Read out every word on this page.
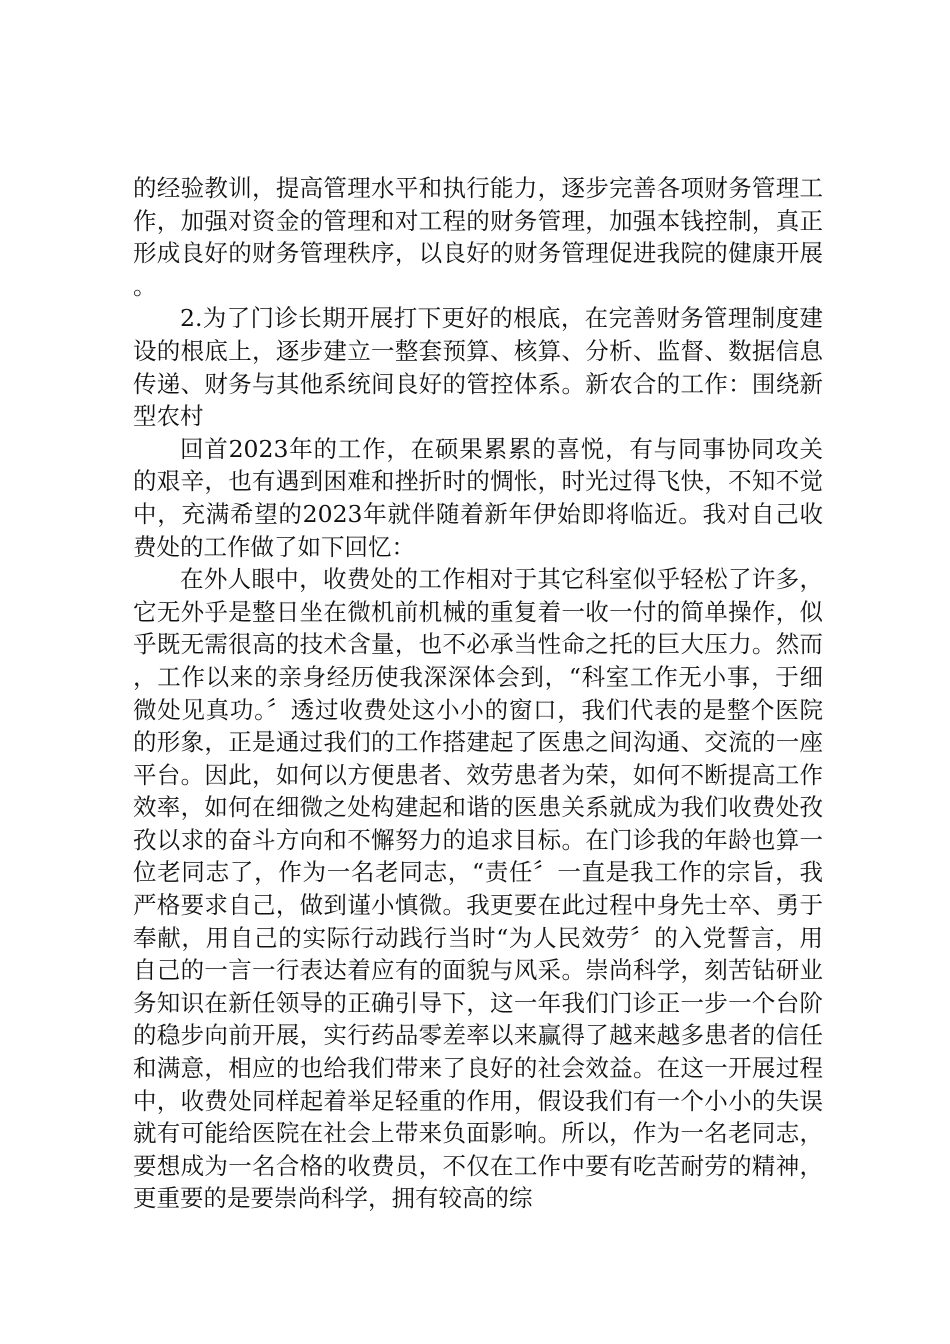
的经验教训，提高管理水平和执行能力，逐步完善各项财务管理工作，加强对资金的管理和对工程的财务管理，加强本钱控制，真正形成良好的财务管理秩序，以良好的财务管理促进我院的健康开展。

2.为了门诊长期开展打下更好的根底，在完善财务管理制度建设的根底上，逐步建立一整套预算、核算、分析、监督、数据信息传递、财务与其他系统间良好的管控体系。新农合的工作：围绕新型农村

回首2023年的工作，在硕果累累的喜悦，有与同事协同攻关的艰辛，也有遇到困难和挫折时的惆怅，时光过得飞快，不知不觉中，充满希望的2023年就伴随着新年伊始即将临近。我对自己收费处的工作做了如下回忆：

在外人眼中，收费处的工作相对于其它科室似乎轻松了许多，它无外乎是整日坐在微机前机械的重复着一收一付的简单操作，似乎既无需很高的技术含量，也不必承当性命之托的巨大压力。然而，工作以来的亲身经历使我深深体会到，“科室工作无小事，于细微处见真功。〞透过收费处这小小的窗口，我们代表的是整个医院的形象，正是通过我们的工作搭建起了医患之间沟通、交流的一座平台。因此，如何以方便患者、效劳患者为荣，如何不断提高工作效率，如何在细微之处构建起和谐的医患关系就成为我们收费处孜孜以求的奋斗方向和不懈努力的追求目标。在门诊我的年龄也算一位老同志了，作为一名老同志，“责任〞一直是我工作的宗旨，我严格要求自己，做到谨小慎微。我更要在此过程中身先士卒、勇于奉献，用自己的实际行动践行当时“为人民效劳〞的入党誓言，用自己的一言一行表达着应有的面貌与风采。崇尚科学，刻苦钻研业务知识在新任领导的正确引导下，这一年我们门诊正一步一个台阶的稳步向前开展，实行药品零差率以来赢得了越来越多患者的信任和满意，相应的也给我们带来了良好的社会效益。在这一开展过程中，收费处同样起着举足轻重的作用，假设我们有一个小小的失误就有可能给医院在社会上带来负面影响。所以，作为一名老同志，要想成为一名合格的收费员，不仅在工作中要有吃苦耐劳的精神，更重要的是要崇尚科学，拥有较高的综
